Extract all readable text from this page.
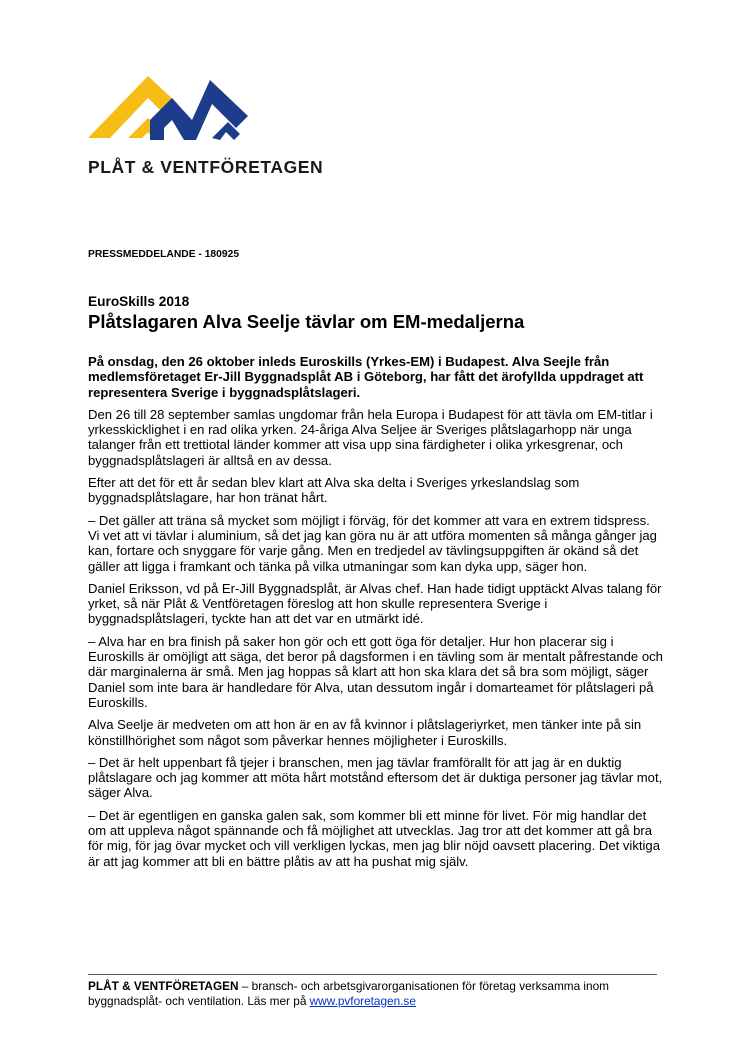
PLÅT & VENTFÖRETAGEN

PRESSMEDDELANDE - 180925

EuroSkills 2018

Plåtslagaren Alva Seelje tävlar om EM-medaljerna

På onsdag, den 26 oktober inleds Euroskills (Yrkes-EM) i Budapest. Alva Seejle från medlemsföretaget Er-Jill Byggnadsplåt AB i Göteborg, har fått det ärofyllda uppdraget att representera Sverige i byggnadsplåtslageri.

Den 26 till 28 september samlas ungdomar från hela Europa i Budapest för att tävla om EM-titlar i yrkesskicklighet i en rad olika yrken. 24-åriga Alva Seljee är Sveriges plåtslagarhopp när unga talanger från ett trettiotal länder kommer att visa upp sina färdigheter i olika yrkesgrenar, och byggnadsplåtslageri är alltså en av dessa.

Efter att det för ett år sedan blev klart att Alva ska delta i Sveriges yrkeslandslag som byggnadsplåtslagare, har hon tränat hårt.

– Det gäller att träna så mycket som möjligt i förväg, för det kommer att vara en extrem tidspress. Vi vet att vi tävlar i aluminium, så det jag kan göra nu är att utföra momenten så många gånger jag kan, fortare och snyggare för varje gång. Men en tredjedel av tävlingsuppgiften är okänd så det gäller att ligga i framkant och tänka på vilka utmaningar som kan dyka upp, säger hon.

Daniel Eriksson, vd på Er-Jill Byggnadsplåt, är Alvas chef. Han hade tidigt upptäckt Alvas talang för yrket, så när Plåt & Ventföretagen föreslog att hon skulle representera Sverige i byggnadsplåtslageri, tyckte han att det var en utmärkt idé.

– Alva har en bra finish på saker hon gör och ett gott öga för detaljer. Hur hon placerar sig i Euroskills är omöjligt att säga, det beror på dagsformen i en tävling som är mentalt påfrestande och där marginalerna är små. Men jag hoppas så klart att hon ska klara det så bra som möjligt, säger Daniel som inte bara är handledare för Alva, utan dessutom ingår i domarteamet för plåtslageri på Euroskills.

Alva Seelje är medveten om att hon är en av få kvinnor i plåtslageriyrket, men tänker inte på sin könstillhörighet som något som påverkar hennes möjligheter i Euroskills.

– Det är helt uppenbart få tjejer i branschen, men jag tävlar framförallt för att jag är en duktig plåtslagare och jag kommer att möta hårt motstånd eftersom det är duktiga personer jag tävlar mot, säger Alva.

– Det är egentligen en ganska galen sak, som kommer bli ett minne för livet. För mig handlar det om att uppleva något spännande och få möjlighet att utvecklas. Jag tror att det kommer att gå bra för mig, för jag övar mycket och vill verkligen lyckas, men jag blir nöjd oavsett placering. Det viktiga är att jag kommer att bli en bättre plåtis av att ha pushat mig själv.

PLÅT & VENTFÖRETAGEN – bransch- och arbetsgivarorganisationen för företag verksamma inom byggnadsplåt- och ventilation. Läs mer på www.pvforetagen.se
